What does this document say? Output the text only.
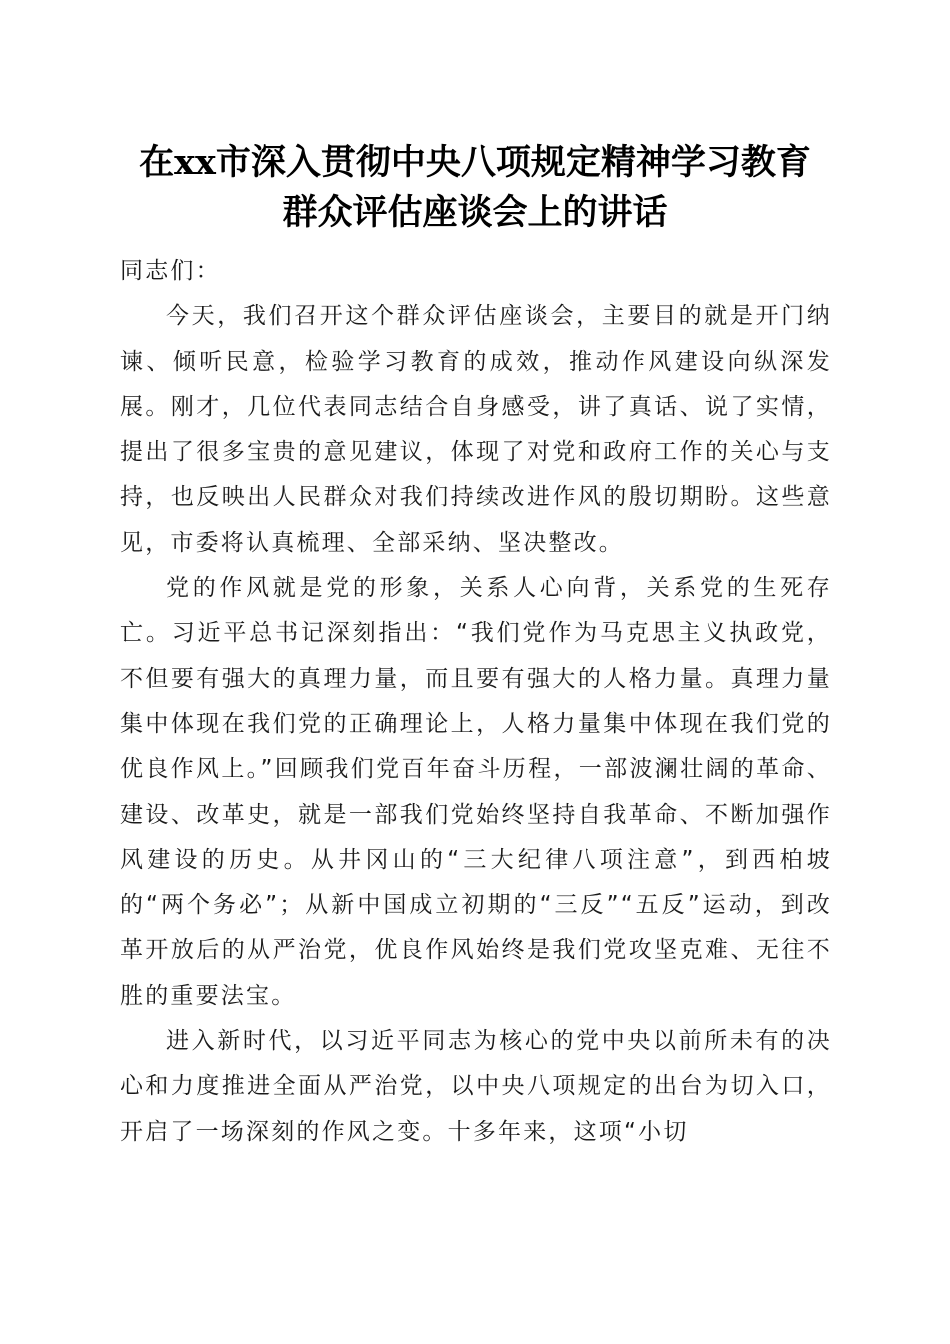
在xx市深入贯彻中央八项规定精神学习教育
群众评估座谈会上的讲话

同志们：

今天，我们召开这个群众评估座谈会，主要目的就是开门纳谏、倾听民意，检验学习教育的成效，推动作风建设向纵深发展。刚才，几位代表同志结合自身感受，讲了真话、说了实情，提出了很多宝贵的意见建议，体现了对党和政府工作的关心与支持，也反映出人民群众对我们持续改进作风的殷切期盼。这些意见，市委将认真梳理、全部采纳、坚决整改。

党的作风就是党的形象，关系人心向背，关系党的生死存亡。习近平总书记深刻指出：“我们党作为马克思主义执政党，不但要有强大的真理力量，而且要有强大的人格力量。真理力量集中体现在我们党的正确理论上，人格力量集中体现在我们党的优良作风上。”回顾我们党百年奋斗历程，一部波澜壮阔的革命、建设、改革史，就是一部我们党始终坚持自我革命、不断加强作风建设的历史。从井冈山的“三大纪律八项注意”，到西柏坡的“两个务必”；从新中国成立初期的“三反”“五反”运动，到改革开放后的从严治党，优良作风始终是我们党攻坚克难、无往不胜的重要法宝。

进入新时代，以习近平同志为核心的党中央以前所未有的决心和力度推进全面从严治党，以中央八项规定的出台为切入口，开启了一场深刻的作风之变。十多年来，这项“小切
